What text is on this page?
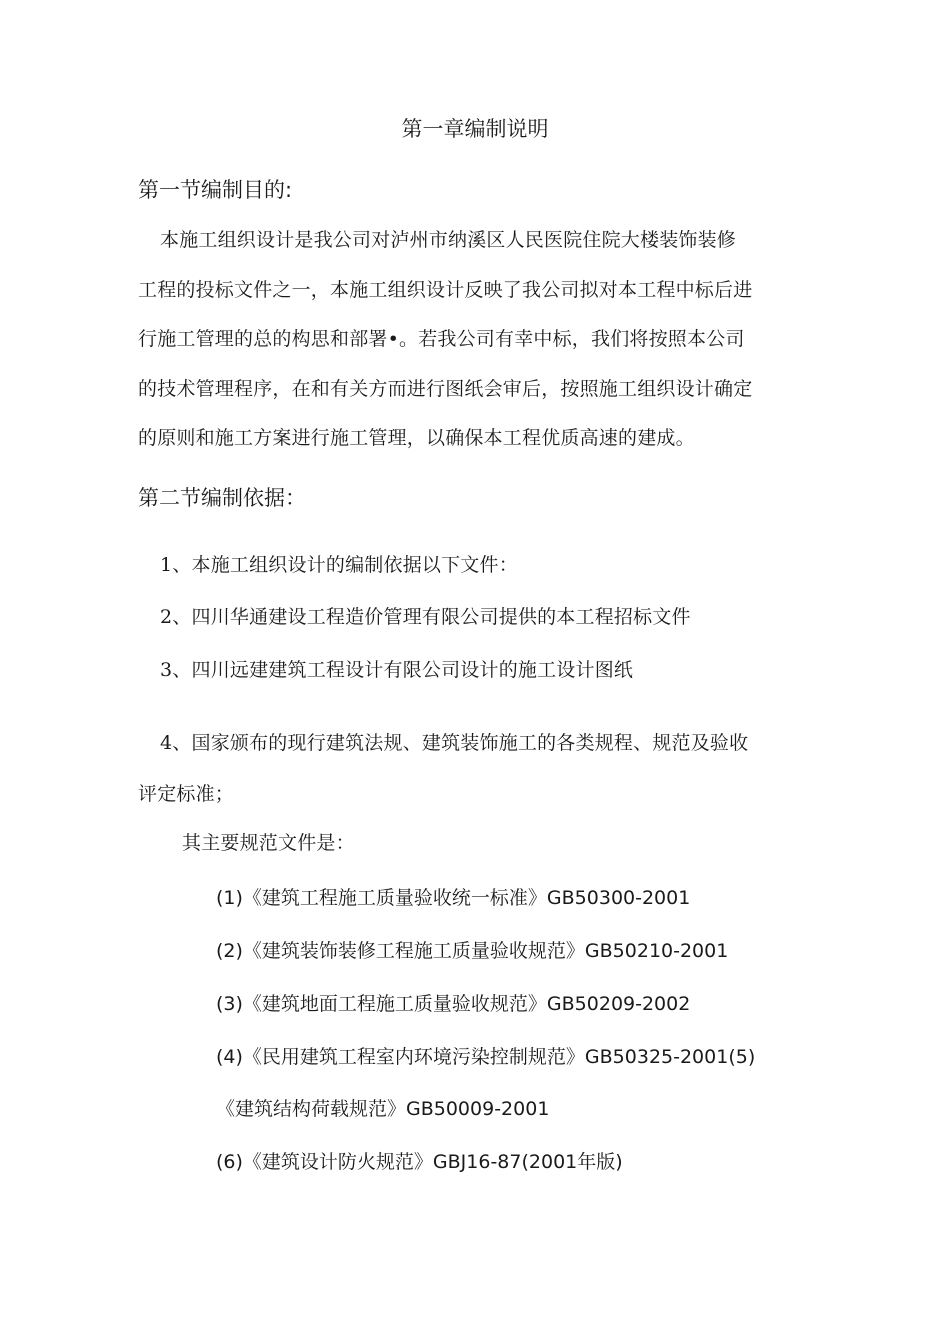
第一章编制说明
第一节编制目的:
本施工组织设计是我公司对泸州市纳溪区人民医院住院大楼装饰装修
工程的投标文件之一，本施工组织设计反映了我公司拟对本工程中标后进
行施工管理的总的构思和部署•。若我公司有幸中标，我们将按照本公司
的技术管理程序，在和有关方而进行图纸会审后，按照施工组织设计确定
的原则和施工方案进行施工管理，以确保本工程优质高速的建成。
第二节编制依据：
1、本施工组织设计的编制依据以下文件：
2、四川华通建设工程造价管理有限公司提供的本工程招标文件
3、四川远建建筑工程设计有限公司设计的施工设计图纸
4、国家颁布的现行建筑法规、建筑装饰施工的各类规程、规范及验收
评定标准；
其主要规范文件是：
(1)《建筑工程施工质量验收统一标准》GB50300-2001
(2)《建筑装饰装修工程施工质量验收规范》GB50210-2001
(3)《建筑地面工程施工质量验收规范》GB50209-2002
(4)《民用建筑工程室内环境污染控制规范》GB50325-2001(5)
《建筑结构荷载规范》GB50009-2001
(6)《建筑设计防火规范》GBJ16-87(2001年版)
